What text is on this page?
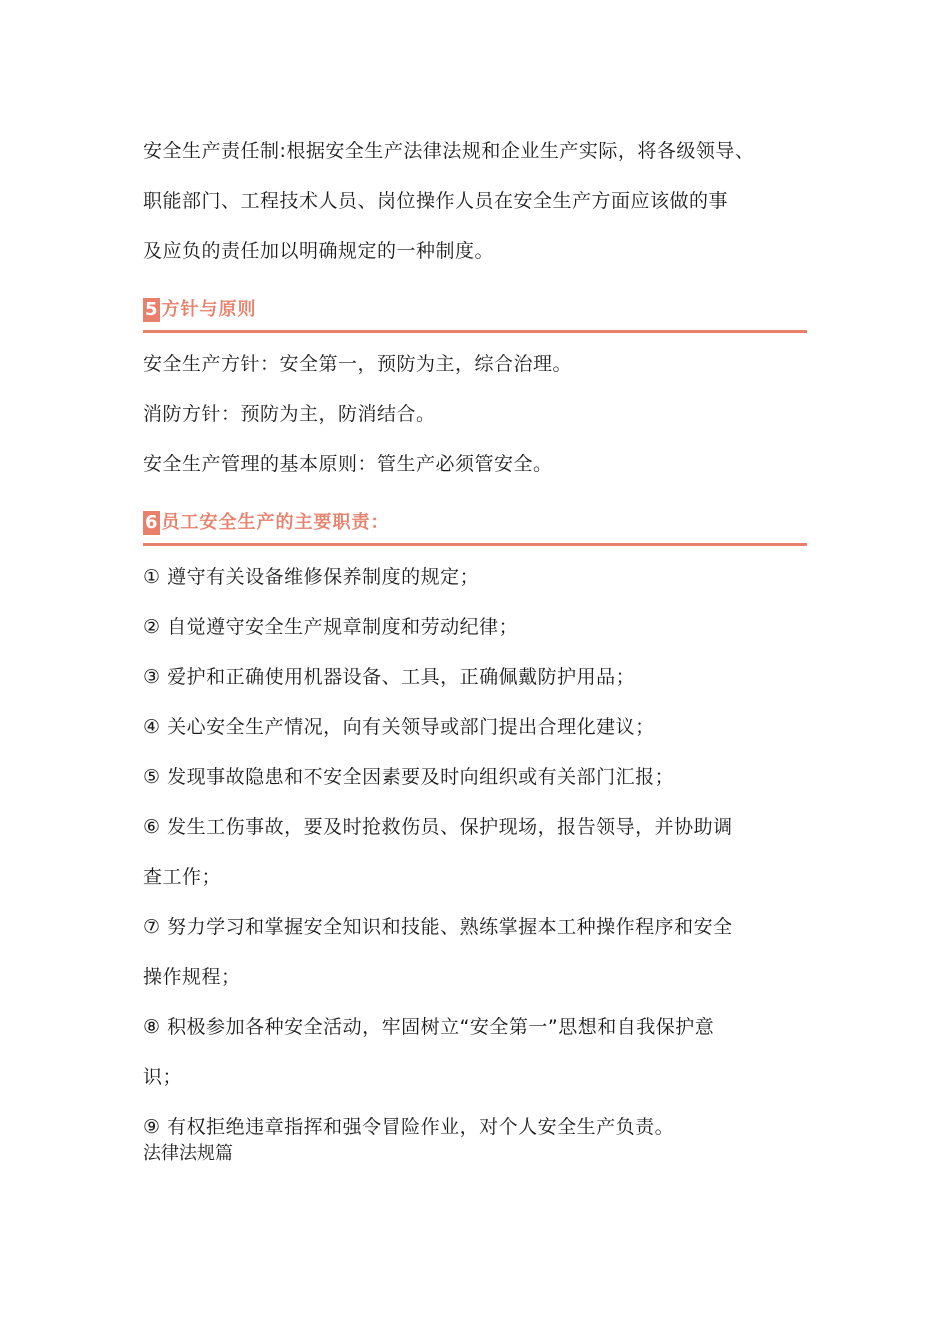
安全生产责任制:根据安全生产法律法规和企业生产实际，将各级领导、

职能部门、工程技术人员、岗位操作人员在安全生产方面应该做的事

及应负的责任加以明确规定的一种制度。

5 方针与原则

安全生产方针：安全第一，预防为主，综合治理。

消防方针：预防为主，防消结合。

安全生产管理的基本原则：管生产必须管安全。

6 员工安全生产的主要职责：

① 遵守有关设备维修保养制度的规定；

② 自觉遵守安全生产规章制度和劳动纪律；

③ 爱护和正确使用机器设备、工具，正确佩戴防护用品；

④ 关心安全生产情况，向有关领导或部门提出合理化建议；

⑤ 发现事故隐患和不安全因素要及时向组织或有关部门汇报；

⑥ 发生工伤事故，要及时抢救伤员、保护现场，报告领导，并协助调

查工作；

⑦ 努力学习和掌握安全知识和技能、熟练掌握本工种操作程序和安全

操作规程；

⑧ 积极参加各种安全活动，牢固树立“安全第一”思想和自我保护意

识；

⑨ 有权拒绝违章指挥和强令冒险作业，对个人安全生产负责。

法律法规篇
